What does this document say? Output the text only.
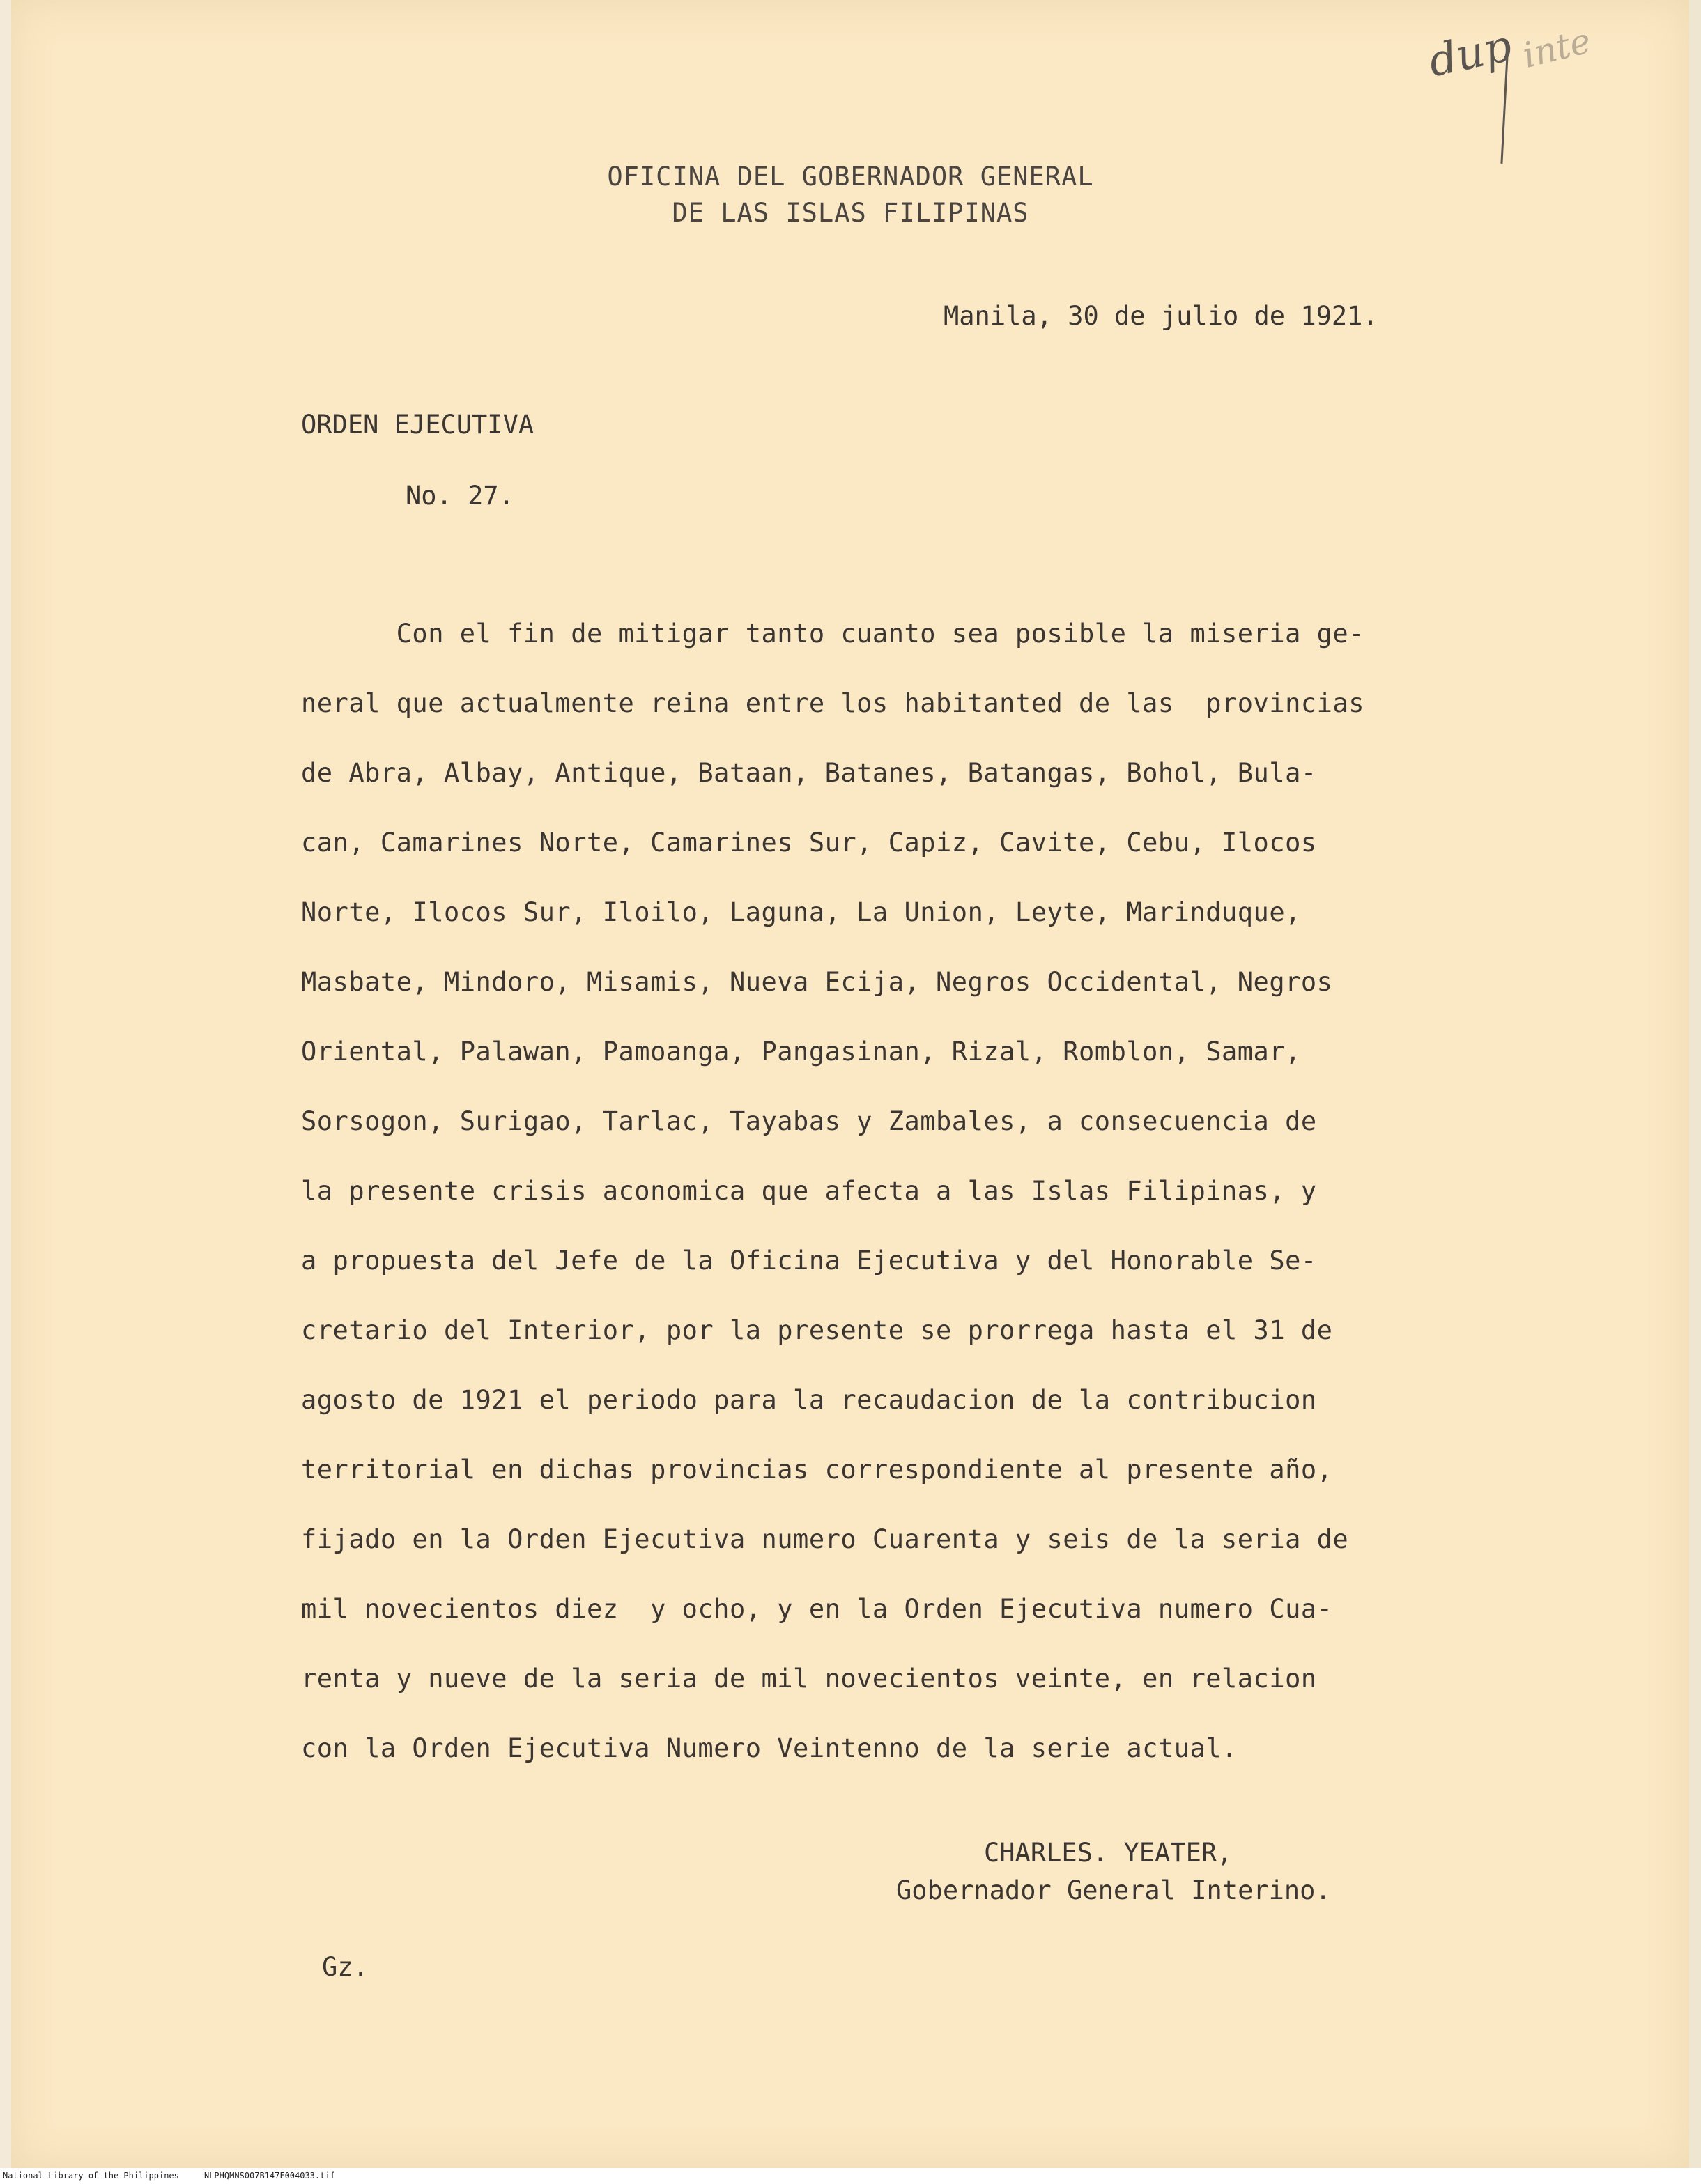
OFICINA DEL GOBERNADOR GENERAL
DE LAS ISLAS FILIPINAS
dup inte
Manila, 30 de julio de 1921.
ORDEN EJECUTIVA
No. 27.
Con el fin de mitigar tanto cuanto sea posible la miseria ge-
neral que actualmente reina entre los habitanted de las  provincias
de Abra, Albay, Antique, Bataan, Batanes, Batangas, Bohol, Bula-
can, Camarines Norte, Camarines Sur, Capiz, Cavite, Cebu, Ilocos
Norte, Ilocos Sur, Iloilo, Laguna, La Union, Leyte, Marinduque,
Masbate, Mindoro, Misamis, Nueva Ecija, Negros Occidental, Negros
Oriental, Palawan, Pamoanga, Pangasinan, Rizal, Romblon, Samar,
Sorsogon, Surigao, Tarlac, Tayabas y Zambales, a consecuencia de
la presente crisis aconomica que afecta a las Islas Filipinas, y
a propuesta del Jefe de la Oficina Ejecutiva y del Honorable Se-
cretario del Interior, por la presente se prorrega hasta el 31 de
agosto de 1921 el periodo para la recaudacion de la contribucion
territorial en dichas provincias correspondiente al presente año,
fijado en la Orden Ejecutiva numero Cuarenta y seis de la seria de
mil novecientos diez  y ocho, y en la Orden Ejecutiva numero Cua-
renta y nueve de la seria de mil novecientos veinte, en relacion
con la Orden Ejecutiva Numero Veintenno de la serie actual.
CHARLES. YEATER,
Gobernador General Interino.
Gz.
National Library of the Philippines     NLPHQMNS007B147F004033.tif
